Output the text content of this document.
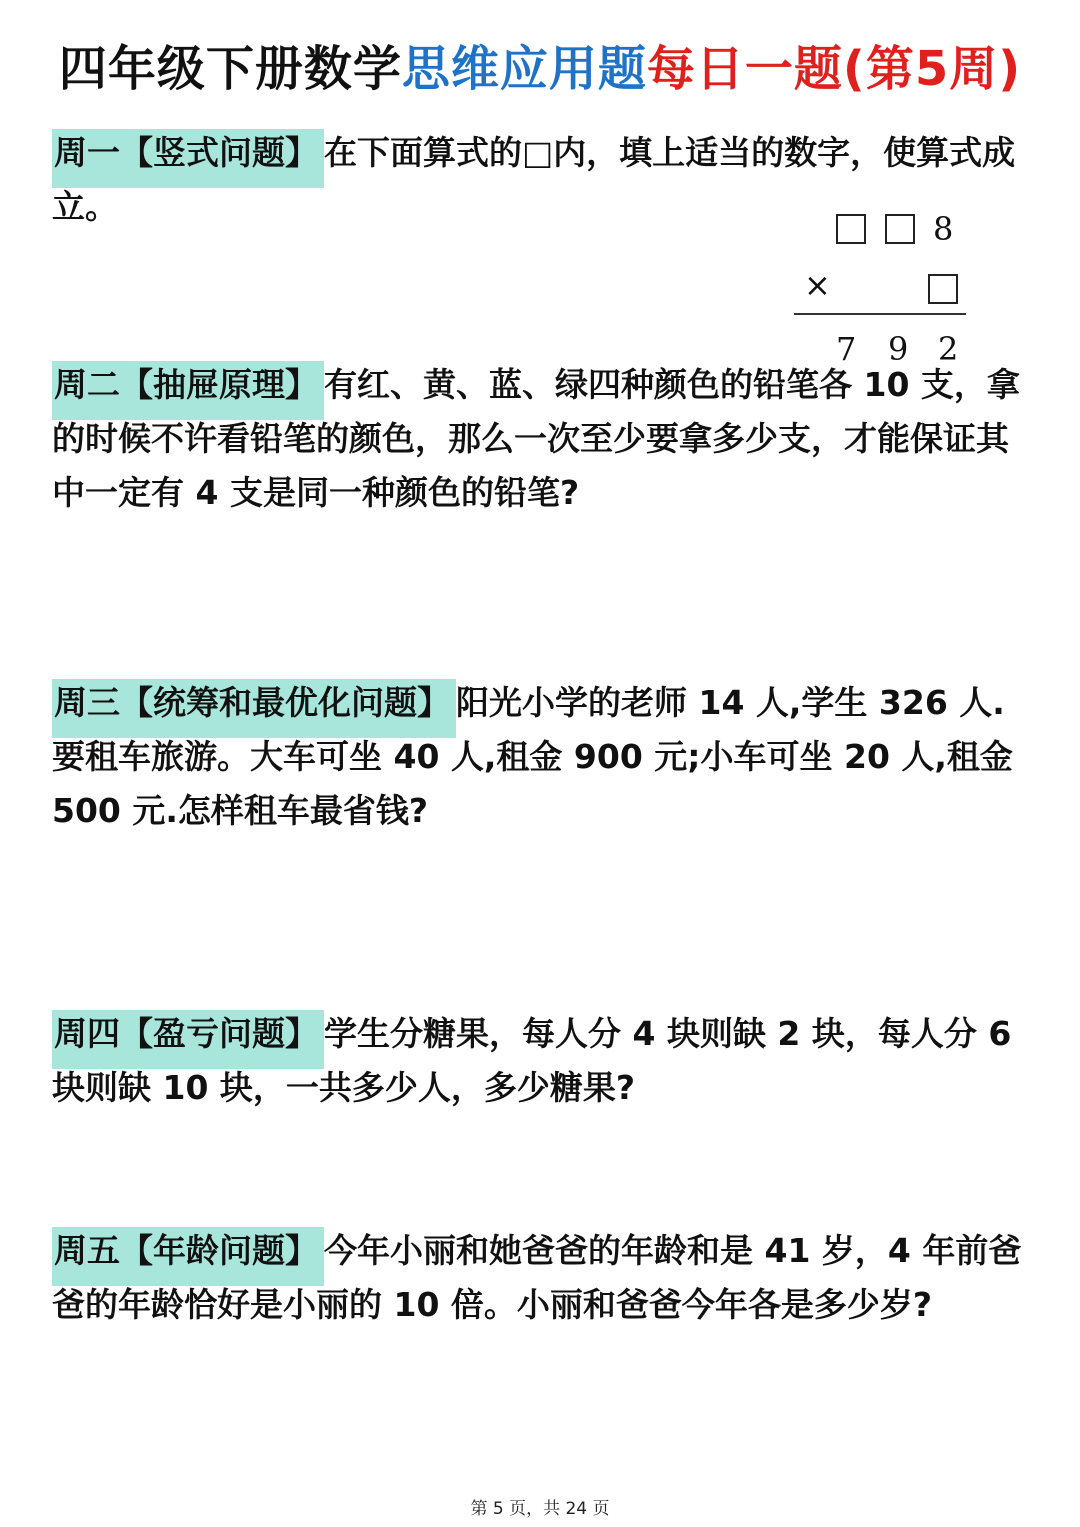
四年级下册数学思维应用题每日一题(第5周)
周一【竖式问题】 在下面算式的□内，填上适当的数字，使算式成立。
8
×
7 9 2
周二【抽屉原理】 有红、黄、蓝、绿四种颜色的铅笔各 10 支，拿的时候不许看铅笔的颜色，那么一次至少要拿多少支，才能保证其中一定有 4 支是同一种颜色的铅笔?
周三【统筹和最优化问题】 阳光小学的老师 14 人,学生 326 人.要租车旅游。大车可坐 40 人,租金 900 元;小车可坐 20 人,租金 500 元.怎样租车最省钱?
周四【盈亏问题】 学生分糖果，每人分 4 块则缺 2 块，每人分 6 块则缺 10 块，一共多少人，多少糖果?
周五【年龄问题】 今年小丽和她爸爸的年龄和是 41 岁，4 年前爸爸的年龄恰好是小丽的 10 倍。小丽和爸爸今年各是多少岁?
第 5 页，共 24 页
